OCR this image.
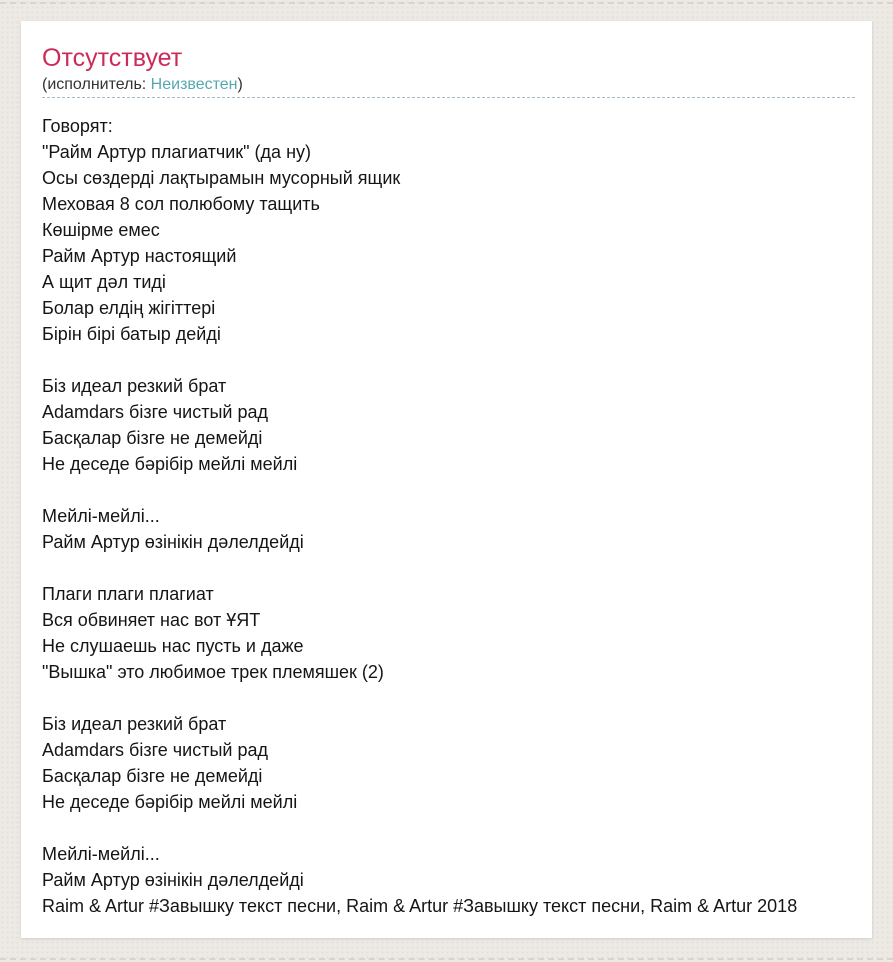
Отсутствует
(исполнитель: Неизвестен)
Говорят:
"Райм Артур плагиатчик" (да ну)
Осы сөздерді лақтырамын мусорный ящик
Меховая 8 сол полюбому тащить
Көшірме емес
Райм Артур настоящий
А щит дәл тиді
Болар елдің жігіттері
Бірін бірі батыр дейді
Біз идеал резкий брат
Adamdars бізге чистый рад
Басқалар бізге не демейді
Не деседе бәрібір мейлі мейлі
Мейлі-мейлі...
Райм Артур өзінікін дәлелдейді
Плаги плаги плагиат
Вся обвиняет нас вот ҰЯТ
Не слушаешь нас пусть и даже
"Вышка" это любимое трек племяшек (2)
Біз идеал резкий брат
Adamdars бізге чистый рад
Басқалар бізге не демейді
Не деседе бәрібір мейлі мейлі
Мейлі-мейлі...
Райм Артур өзінікін дәлелдейді
Raim & Artur #Завышку текст песни, Raim & Artur #Завышку текст песни, Raim & Artur 2018
